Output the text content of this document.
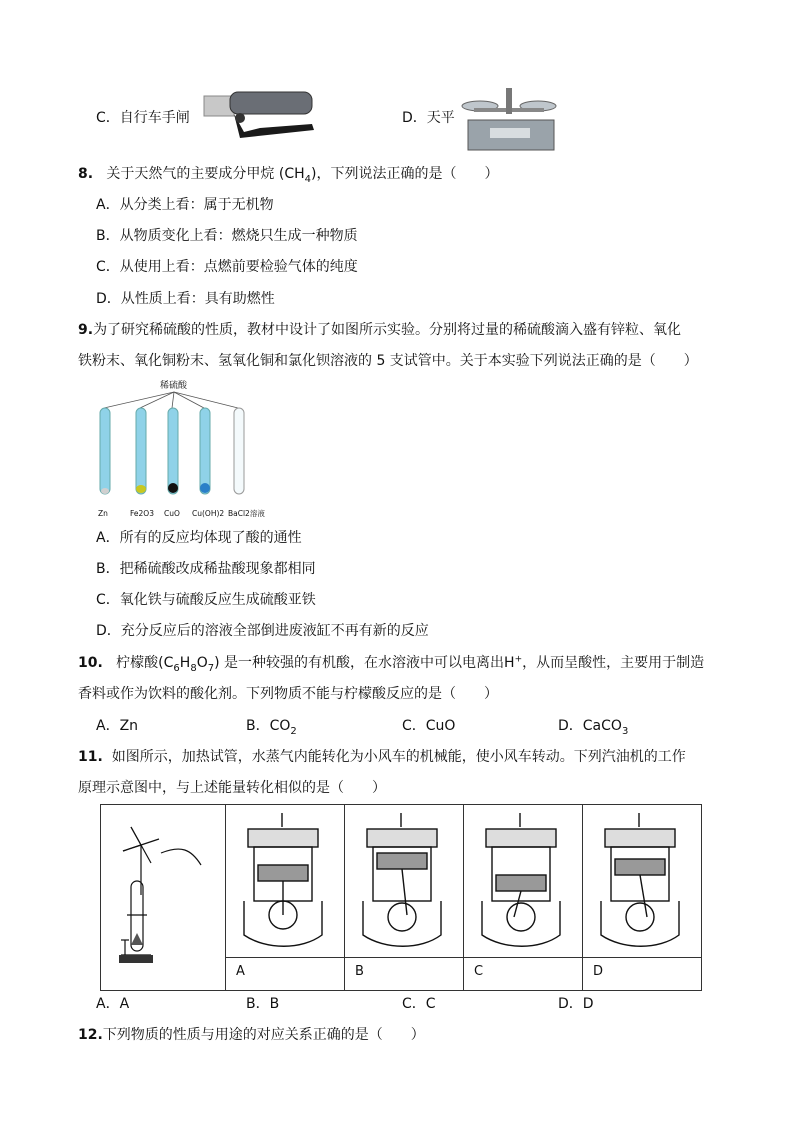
C．自行车手闸	D．天平
8. 关于天然气的主要成分甲烷 $(CH_4)$，下列说法正确的是（　　）
A．从分类上看：属于无机物
B．从物质变化上看：燃烧只生成一种物质
C．从使用上看：点燃前要检验气体的纯度
D．从性质上看：具有助燃性
9.为了研究稀硫酸的性质，教材中设计了如图所示实验。分别将过量的稀硫酸滴入盛有锌粒、氧化
铁粉末、氧化铜粉末、氢氧化铜和氯化钡溶液的 5 支试管中。关于本实验下列说法正确的是（　　）
稀硫酸
Zn	Fe2O3 CuO Cu(OH)2 BaCl2溶液
A．所有的反应均体现了酸的通性
B．把稀硫酸改成稀盐酸现象都相同
C．氧化铁与硫酸反应生成硫酸亚铁
D．充分反应后的溶液全部倒进废液缸不再有新的反应
10. 柠檬酸$(C_6H_8O_7)$ 是一种较强的有机酸，在水溶液中可以电离出H+，从而呈酸性，主要用于制造
香料或作为饮料的酸化剂。下列物质不能与柠檬酸反应的是（　　）
A．Zn	B．$CO_2$	C．CuO	D．CaCO$_3$
11. 如图所示，加热试管，水蒸气内能转化为小风车的机械能，使小风车转动。下列汽油机的工作
原理示意图中，与上述能量转化相似的是（　　）

	A	B	C	D
A．A	B．B	C．C	D．D
12.下列物质的性质与用途的对应关系正确的是（　　）
